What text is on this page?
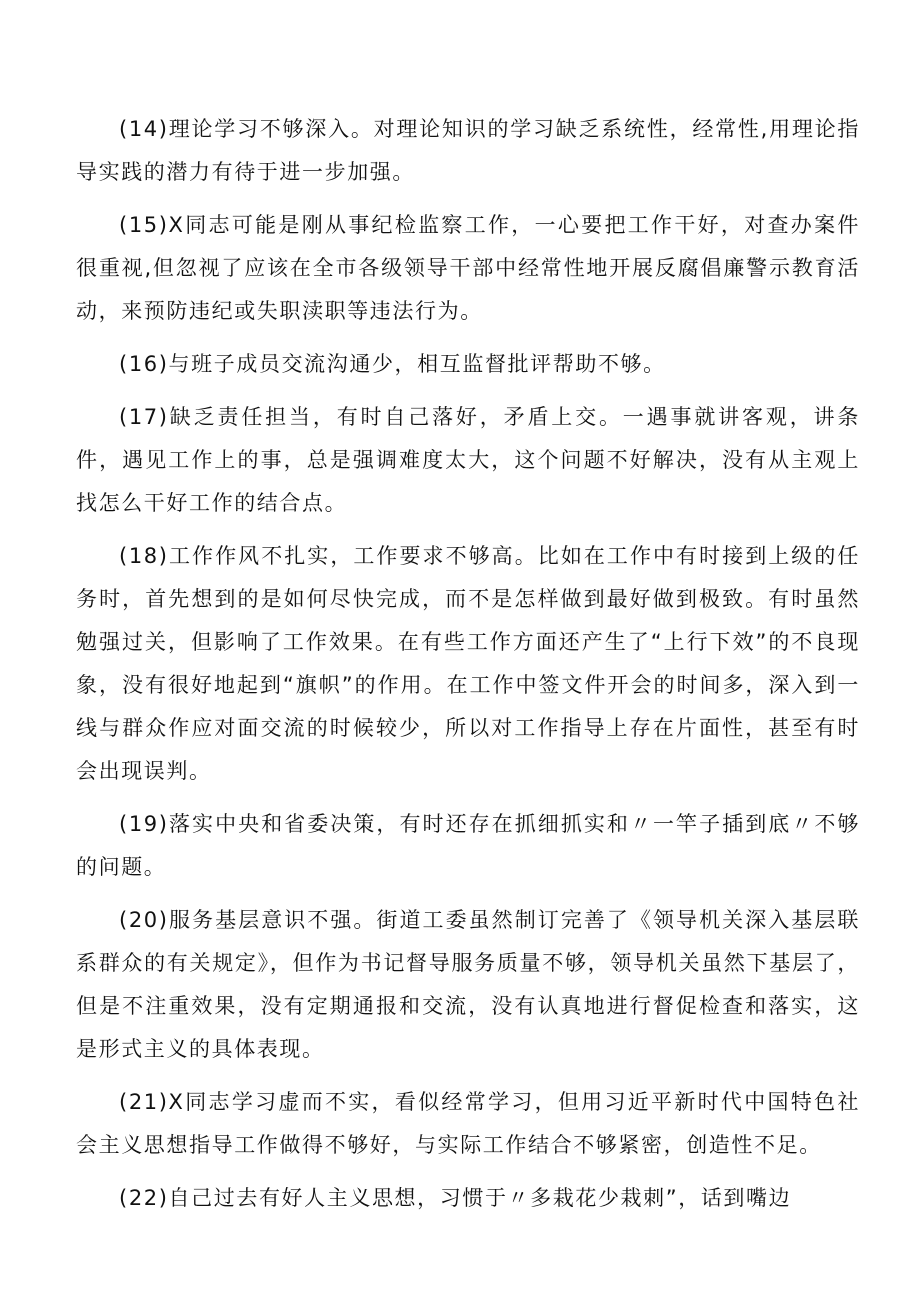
(14)理论学习不够深入。对理论知识的学习缺乏系统性，经常性,用理论指导实践的潜力有待于进一步加强。

(15)X同志可能是刚从事纪检监察工作，一心要把工作干好，对查办案件很重视,但忽视了应该在全市各级领导干部中经常性地开展反腐倡廉警示教育活动，来预防违纪或失职渎职等违法行为。

(16)与班子成员交流沟通少，相互监督批评帮助不够。

(17)缺乏责任担当，有时自己落好，矛盾上交。一遇事就讲客观，讲条件，遇见工作上的事，总是强调难度太大，这个问题不好解决，没有从主观上找怎么干好工作的结合点。

(18)工作作风不扎实，工作要求不够高。比如在工作中有时接到上级的任务时，首先想到的是如何尽快完成，而不是怎样做到最好做到极致。有时虽然勉强过关，但影响了工作效果。在有些工作方面还产生了“上行下效”的不良现象，没有很好地起到“旗帜”的作用。在工作中签文件开会的时间多，深入到一线与群众作应对面交流的时候较少，所以对工作指导上存在片面性，甚至有时会出现误判。

(19)落实中央和省委决策，有时还存在抓细抓实和〃一竿子插到底〃不够的问题。

(20)服务基层意识不强。街道工委虽然制订完善了《领导机关深入基层联系群众的有关规定》，但作为书记督导服务质量不够，领导机关虽然下基层了，但是不注重效果，没有定期通报和交流，没有认真地进行督促检查和落实，这是形式主义的具体表现。

(21)X同志学习虚而不实，看似经常学习，但用习近平新时代中国特色社会主义思想指导工作做得不够好，与实际工作结合不够紧密，创造性不足。

(22)自己过去有好人主义思想，习惯于〃多栽花少栽刺”，话到嘴边
